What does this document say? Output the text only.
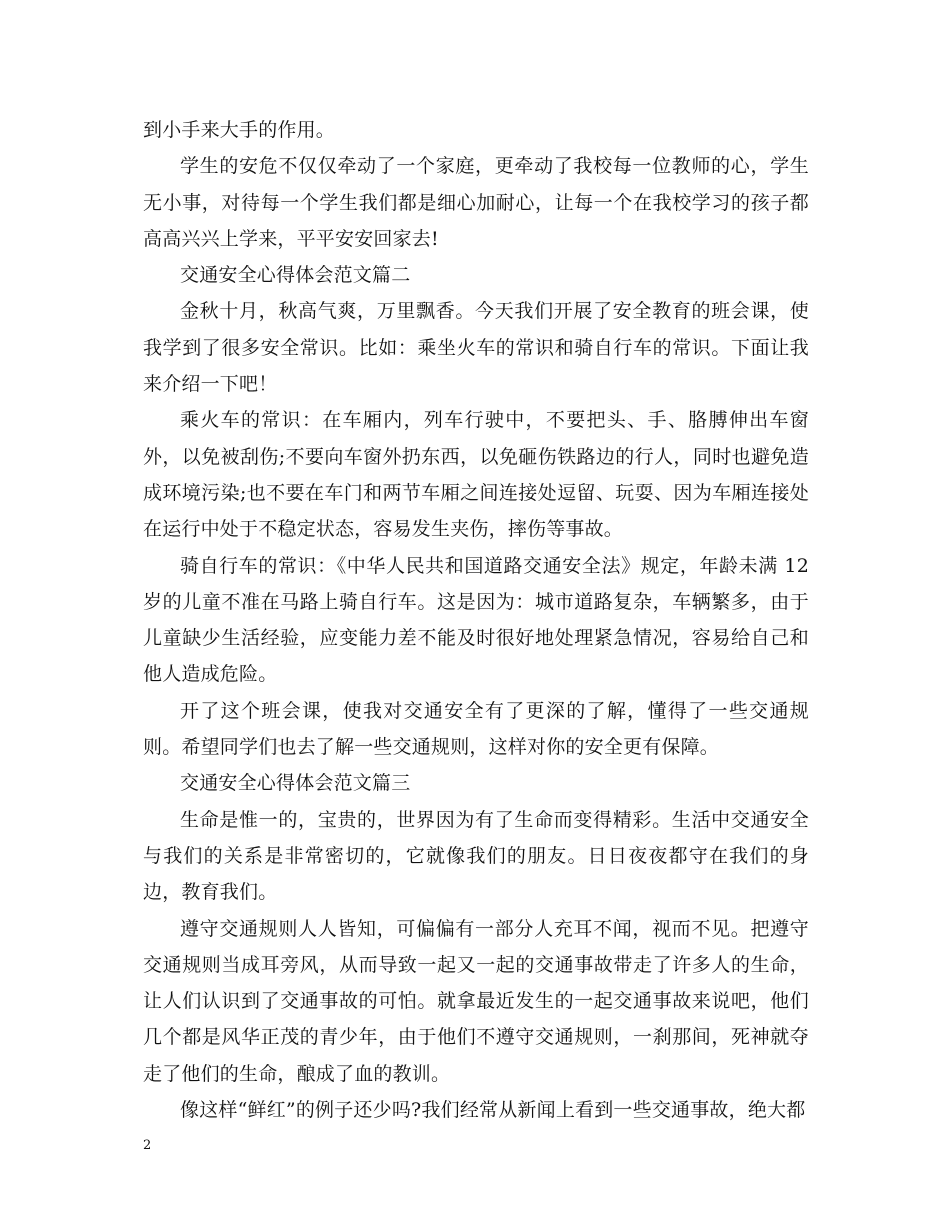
到小手来大手的作用。

学生的安危不仅仅牵动了一个家庭，更牵动了我校每一位教师的心，学生无小事，对待每一个学生我们都是细心加耐心，让每一个在我校学习的孩子都高高兴兴上学来，平平安安回家去!

交通安全心得体会范文篇二

金秋十月，秋高气爽，万里飘香。今天我们开展了安全教育的班会课，使我学到了很多安全常识。比如：乘坐火车的常识和骑自行车的常识。下面让我来介绍一下吧！

乘火车的常识：在车厢内，列车行驶中，不要把头、手、胳膊伸出车窗外，以免被刮伤;不要向车窗外扔东西，以免砸伤铁路边的行人，同时也避免造成环境污染;也不要在车门和两节车厢之间连接处逗留、玩耍、因为车厢连接处在运行中处于不稳定状态，容易发生夹伤，摔伤等事故。

骑自行车的常识：《中华人民共和国道路交通安全法》规定，年龄未满 12 岁的儿童不准在马路上骑自行车。这是因为：城市道路复杂，车辆繁多，由于儿童缺少生活经验，应变能力差不能及时很好地处理紧急情况，容易给自己和他人造成危险。

开了这个班会课，使我对交通安全有了更深的了解，懂得了一些交通规则。希望同学们也去了解一些交通规则，这样对你的安全更有保障。

交通安全心得体会范文篇三

生命是惟一的，宝贵的，世界因为有了生命而变得精彩。生活中交通安全与我们的关系是非常密切的，它就像我们的朋友。日日夜夜都守在我们的身边，教育我们。

遵守交通规则人人皆知，可偏偏有一部分人充耳不闻，视而不见。把遵守交通规则当成耳旁风，从而导致一起又一起的交通事故带走了许多人的生命，让人们认识到了交通事故的可怕。就拿最近发生的一起交通事故来说吧，他们几个都是风华正茂的青少年，由于他们不遵守交通规则，一刹那间，死神就夺走了他们的生命，酿成了血的教训。

像这样“鲜红”的例子还少吗?我们经常从新闻上看到一些交通事故，绝大都

2
